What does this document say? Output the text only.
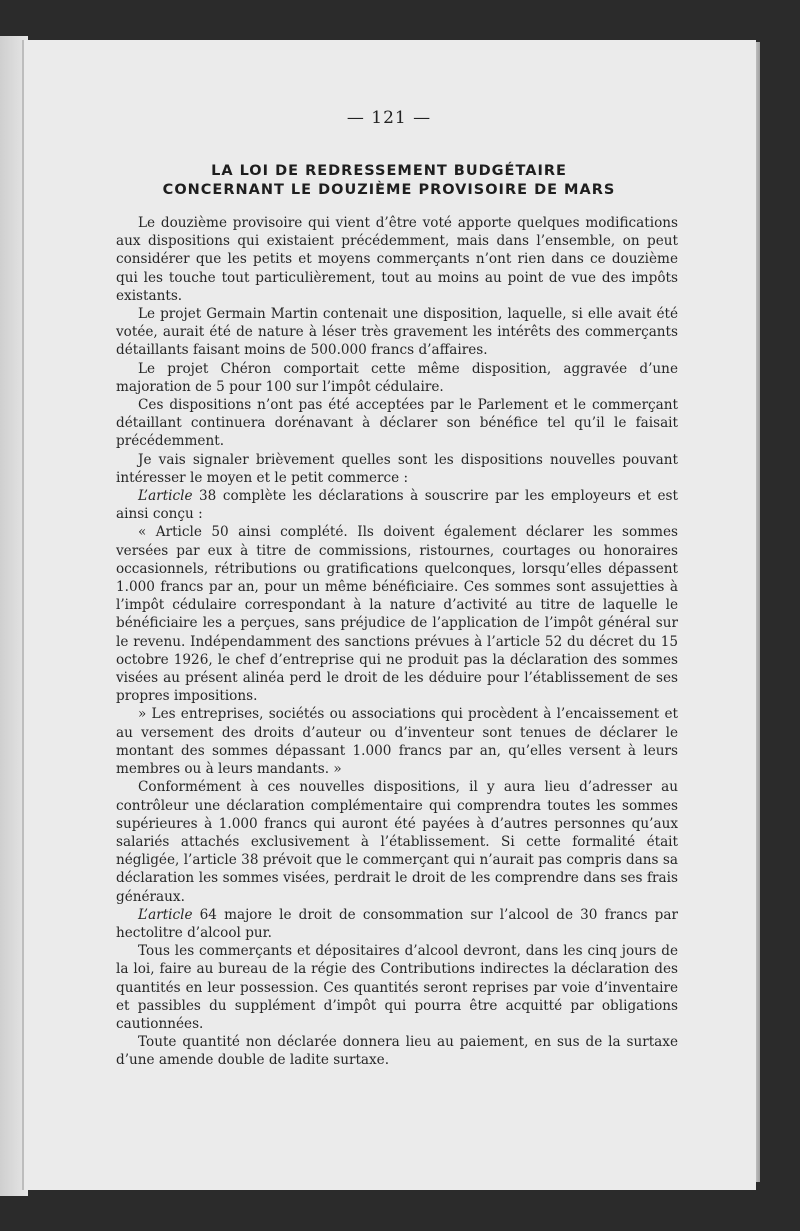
— 121 —
LA LOI DE REDRESSEMENT BUDGÉTAIRE
CONCERNANT LE DOUZIÈME PROVISOIRE DE MARS

Le douzième provisoire qui vient d’être voté apporte quelques modifications aux dispositions qui existaient précédemment, mais dans l’ensemble, on peut considérer que les petits et moyens commerçants n’ont rien dans ce douzième qui les touche tout particulièrement, tout au moins au point de vue des impôts existants.

Le projet Germain Martin contenait une disposition, laquelle, si elle avait été votée, aurait été de nature à léser très gravement les intérêts des commerçants détaillants faisant moins de 500.000 francs d’affaires.

Le projet Chéron comportait cette même disposition, aggravée d’une majoration de 5 pour 100 sur l’impôt cédulaire.

Ces dispositions n’ont pas été acceptées par le Parlement et le commerçant détaillant continuera dorénavant à déclarer son bénéfice tel qu’il le faisait précédemment.

Je vais signaler brièvement quelles sont les dispositions nouvelles pouvant intéresser le moyen et le petit commerce :

L’article 38 complète les déclarations à souscrire par les employeurs et est ainsi conçu :

« Article 50 ainsi complété. Ils doivent également déclarer les sommes versées par eux à titre de commissions, ristournes, courtages ou honoraires occasionnels, rétributions ou gratifications quelconques, lorsqu’elles dépassent 1.000 francs par an, pour un même bénéficiaire. Ces sommes sont assujetties à l’impôt cédulaire correspondant à la nature d’activité au titre de laquelle le bénéficiaire les a perçues, sans préjudice de l’application de l’impôt général sur le revenu. Indépendamment des sanctions prévues à l’article 52 du décret du 15 octobre 1926, le chef d’entreprise qui ne produit pas la déclaration des sommes visées au présent alinéa perd le droit de les déduire pour l’établissement de ses propres impositions.

» Les entreprises, sociétés ou associations qui procèdent à l’encaissement et au versement des droits d’auteur ou d’inventeur sont tenues de déclarer le montant des sommes dépassant 1.000 francs par an, qu’elles versent à leurs membres ou à leurs mandants. »

Conformément à ces nouvelles dispositions, il y aura lieu d’adresser au contrôleur une déclaration complémentaire qui comprendra toutes les sommes supérieures à 1.000 francs qui auront été payées à d’autres personnes qu’aux salariés attachés exclusivement à l’établissement. Si cette formalité était négligée, l’article 38 prévoit que le commerçant qui n’aurait pas compris dans sa déclaration les sommes visées, perdrait le droit de les comprendre dans ses frais généraux.

L’article 64 majore le droit de consommation sur l’alcool de 30 francs par hectolitre d’alcool pur.

Tous les commerçants et dépositaires d’alcool devront, dans les cinq jours de la loi, faire au bureau de la régie des Contributions indirectes la déclaration des quantités en leur possession. Ces quantités seront reprises par voie d’inventaire et passibles du supplément d’impôt qui pourra être acquitté par obligations cautionnées.

Toute quantité non déclarée donnera lieu au paiement, en sus de la surtaxe d’une amende double de ladite surtaxe.
